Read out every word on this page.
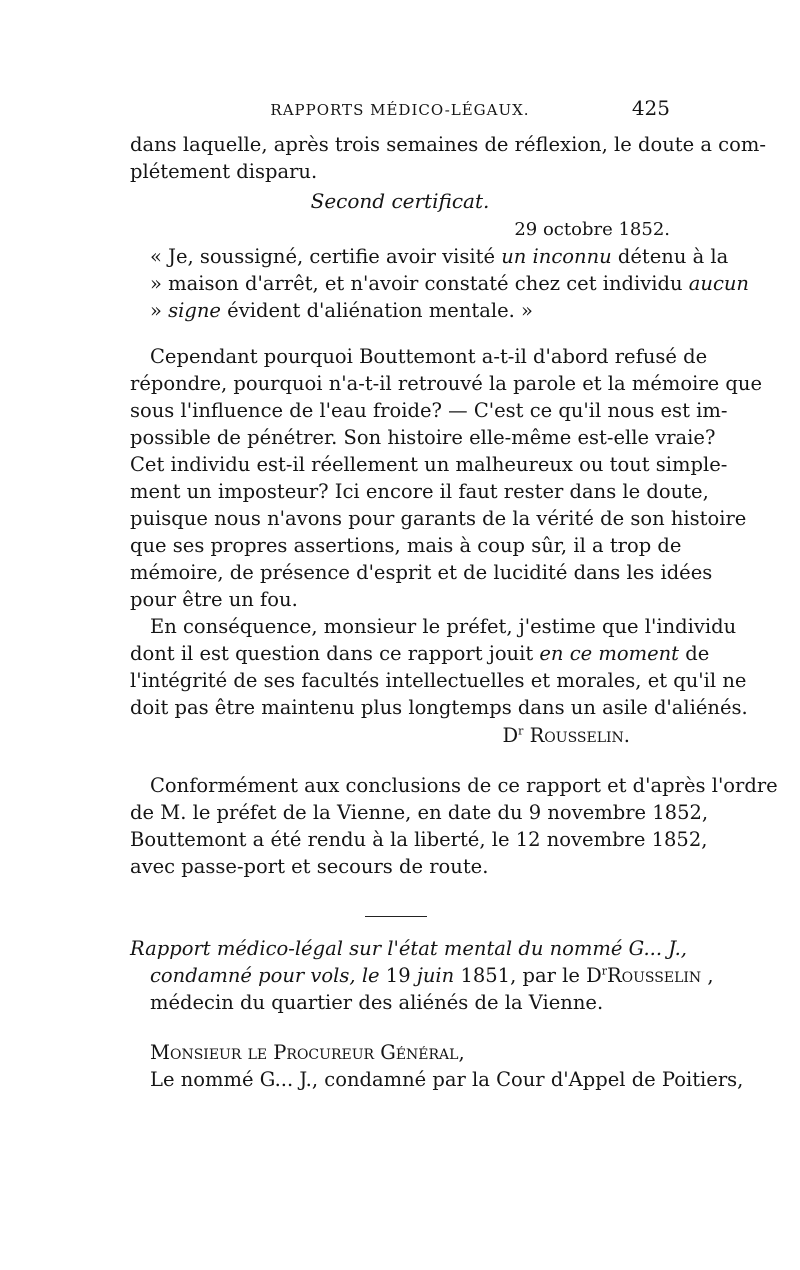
RAPPORTS MÉDICO-LÉGAUX.	425
dans laquelle, après trois semaines de réflexion, le doute a com-
plétement disparu.
Second certificat.
29 octobre 1852.
« Je, soussigné, certifie avoir visité un inconnu détenu à la
» maison d'arrêt, et n'avoir constaté chez cet individu aucun
» signe évident d'aliénation mentale. »
Cependant pourquoi Bouttemont a-t-il d'abord refusé de
répondre, pourquoi n'a-t-il retrouvé la parole et la mémoire que
sous l'influence de l'eau froide? — C'est ce qu'il nous est im-
possible de pénétrer. Son histoire elle-même est-elle vraie?
Cet individu est-il réellement un malheureux ou tout simple-
ment un imposteur? Ici encore il faut rester dans le doute,
puisque nous n'avons pour garants de la vérité de son histoire
que ses propres assertions, mais à coup sûr, il a trop de
mémoire, de présence d'esprit et de lucidité dans les idées
pour être un fou.
En conséquence, monsieur le préfet, j'estime que l'individu
dont il est question dans ce rapport jouit en ce moment de
l'intégrité de ses facultés intellectuelles et morales, et qu'il ne
doit pas être maintenu plus longtemps dans un asile d'aliénés.
$D^r$ Rousselin.
Conformément aux conclusions de ce rapport et d'après l'ordre
de M. le préfet de la Vienne, en date du 9 novembre 1852,
Bouttemont a été rendu à la liberté, le 12 novembre 1852,
avec passe-port et secours de route.
Rapport médico-légal sur l'état mental du nommé G... J.,
condamné pour vols, le 19 juin 1851, par le $D^rRousselin$ ,
médecin du quartier des aliénés de la Vienne.
Monsieur le Procureur Général,
Le nommé G... J., condamné par la Cour d'Appel de Poitiers,
